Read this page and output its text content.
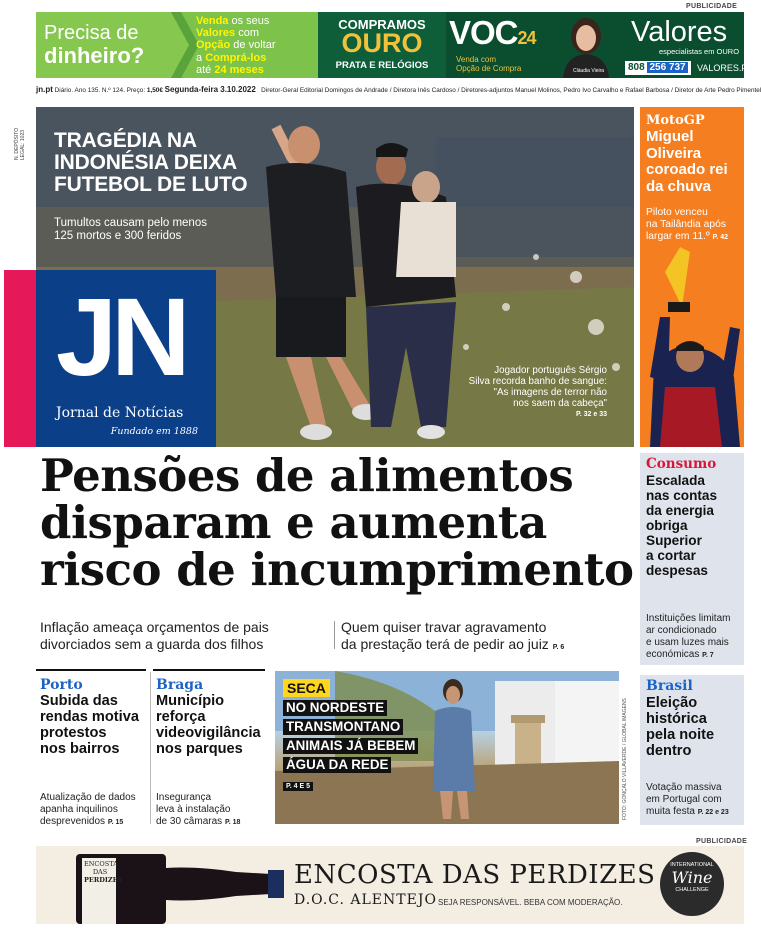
PUBLICIDADE
Precisa de
dinheiro?
Venda os seus
Valores com
Opção de voltar
a Comprá-los
até 24 meses
COMPRAMOS
OURO
PRATA E RELÓGIOS
VOC24
Venda com
Opção de Compra	Cláudia Vieira
Valores
especialistas em OURO
808 256 737	VALORES.PT
jn.pt Diário. Ano 135. N.º 124. Preço: 1,50€ Segunda-feira 3.10.2022 Diretor-Geral Editorial Domingos de Andrade / Diretora Inês Cardoso / Diretores-adjuntos Manuel Molinos, Pedro Ivo Carvalho e Rafael Barbosa / Diretor de Arte Pedro Pimentel
N. DEPÓSITO LEGAL: 1023 TRAGÉDIA NA
INDONÉSIA DEIXA
FUTEBOL DE LUTO
Tumultos causam pelo menos
125 mortos e 300 feridos
Jogador português Sérgio
Silva recorda banho de sangue:
"As imagens de terror não
nos saem da cabeça"
P. 32 e 33
JN
Jornal de Notícias
Fundado em 1888
MotoGP
Miguel
Oliveira
coroado rei
da chuva
Piloto venceu
na Tailândia após
largar em 11.º P. 42
Pensões de alimentos
disparam e aumenta
risco de incumprimento
Inflação ameaça orçamentos de pais
divorciados sem a guarda dos filhos
Quem quiser travar agravamento
da prestação terá de pedir ao juiz P. 6
Consumo
Escalada
nas contas
da energia
obriga
Superior
a cortar
despesas
Instituições limitam
ar condicionado
e usam luzes mais
económicas P. 7
Porto
Subida das
rendas motiva
protestos
nos bairros
Atualização de dados
apanha inquilinos
desprevenidos P. 15
Braga
Município
reforça
videovigilância
nos parques
Insegurança
leva à instalação
de 30 câmaras P. 18
SECA
NO NORDESTE
TRANSMONTANO
ANIMAIS JÁ BEBEM
ÁGUA DA REDE
P. 4 E 5	FOTO: GONÇALO VILLAVERDE / GLOBAL IMAGENS
Brasil
Eleição
histórica
pela noite
dentro
Votação massiva
em Portugal com
muita festa P. 22 e 23
PUBLICIDADE
ENCOSTA
DAS
PERDIZES	ENCOSTA DAS PERDIZES
D.O.C. ALENTEJO SEJA RESPONSÁVEL. BEBA COM MODERAÇÃO.
INTERNATIONAL
Wine
CHALLENGE
